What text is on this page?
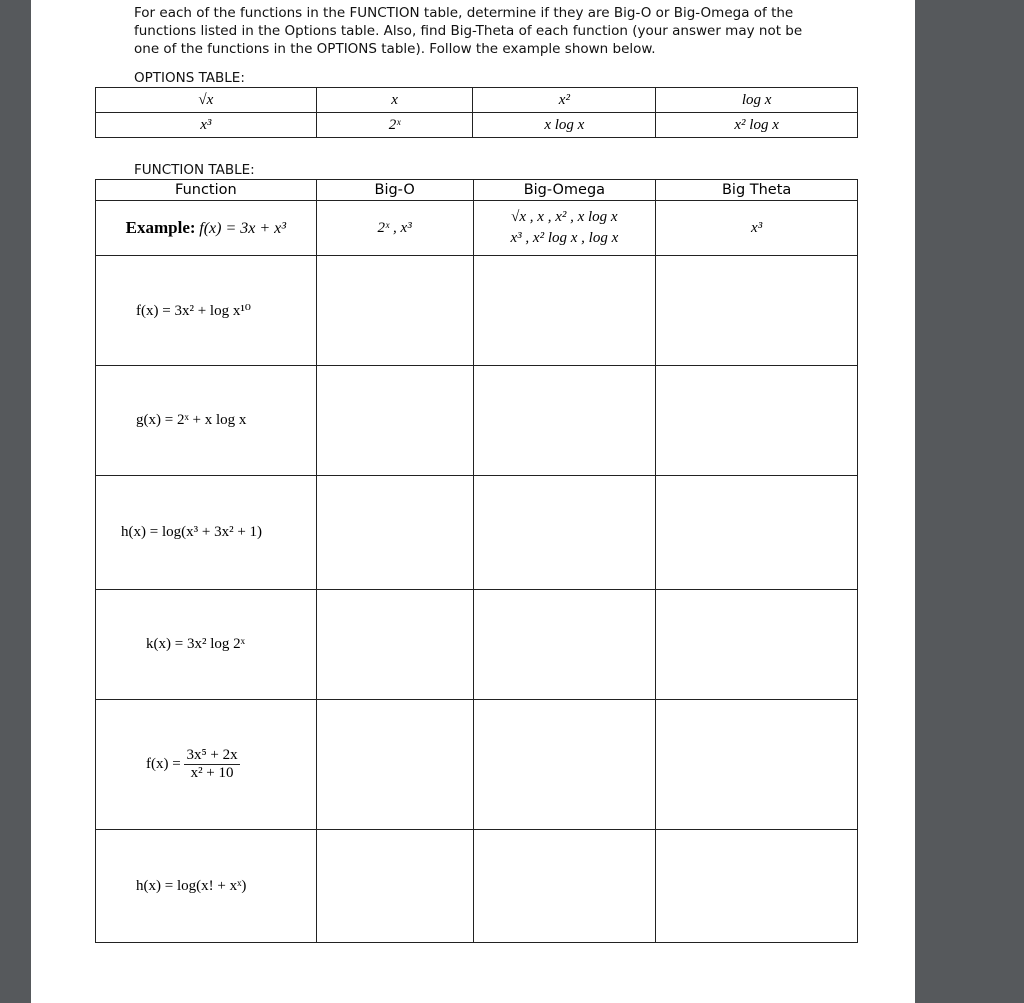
For each of the functions in the FUNCTION table, determine if they are Big-O or Big-Omega of the

functions listed in the Options table. Also, find Big-Theta of each function (your answer may not be

one of the functions in the OPTIONS table). Follow the example shown below.

OPTIONS TABLE:
√x	x	x²	log x
x³	2ˣ	x log x	x² log x
FUNCTION TABLE:
Function	Big-O	Big-Omega	Big Theta
Example: f(x) = 3x + x³	2ˣ , x³	√x , x , x² , x log x
x³ , x² log x , log x	x³
f(x) = 3x² + log x¹⁰			
g(x) = 2ˣ + x log x			
h(x) = log(x³ + 3x² + 1)			
k(x) = 3x² log 2ˣ			
$f(x) = \frac{\text{3x⁵ + 2x}}{\text{x² + 10}}$

h(x) = log(x! + xˣ)			
